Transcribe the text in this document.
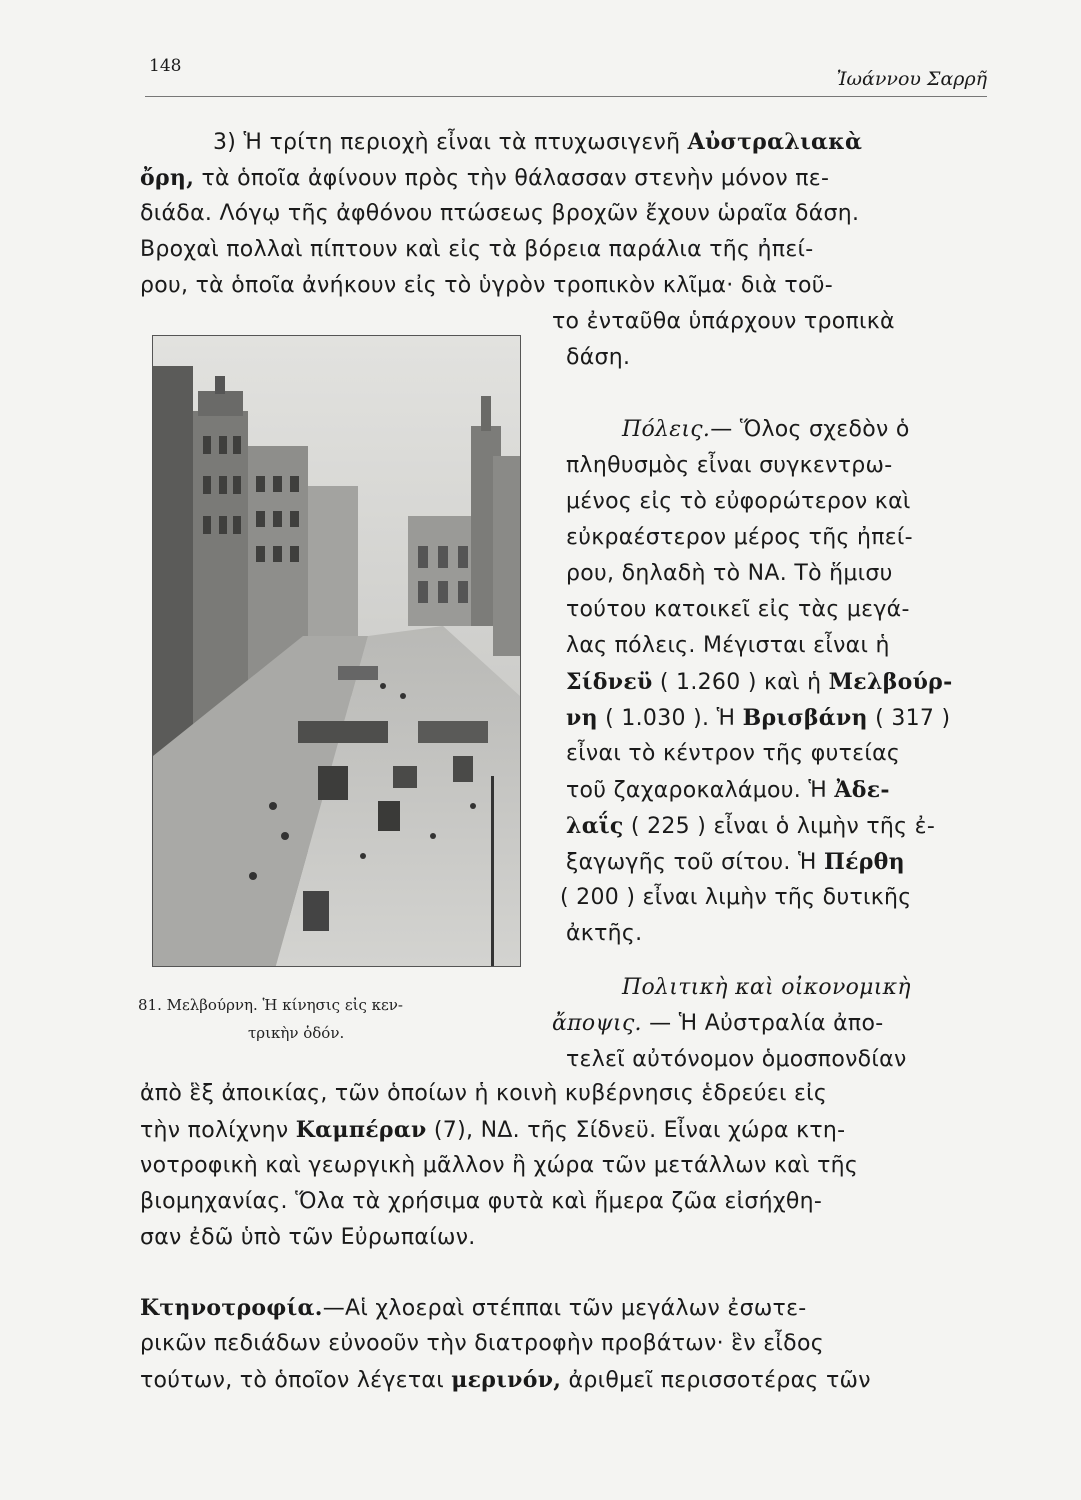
148
Ἰωάννου Σαρρῆ
3) Ἡ τρίτη περιοχὴ εἶναι τὰ πτυχωσιγενῆ Αὐστραλιακὰ
ὄρη, τὰ ὁποῖα ἀφίνουν πρὸς τὴν θάλασσαν στενὴν μόνον πε-
διάδα. Λόγῳ τῆς ἀφθόνου πτώσεως βροχῶν ἔχουν ὡραῖα δάση.
Βροχαὶ πολλαὶ πίπτουν καὶ εἰς τὰ βόρεια παράλια τῆς ἠπεί-
ρου, τὰ ὁποῖα ἀνήκουν εἰς τὸ ὑγρὸν τροπικὸν κλῖμα· διὰ τοῦ-
το ἐνταῦθα ὑπάρχουν τροπικὰ
δάση.
Πόλεις.— Ὅλος σχεδὸν ὁ
πληθυσμὸς εἶναι συγκεντρω-
μένος εἰς τὸ εὐφορώτερον καὶ
εὐκραέστερον μέρος τῆς ἠπεί-
ρου, δηλαδὴ τὸ ΝΑ. Τὸ ἥμισυ
τούτου κατοικεῖ εἰς τὰς μεγά-
λας πόλεις. Μέγισται εἶναι ἡ
Σίδνεϋ ( 1.260 ) καὶ ἡ Μελβούρ-
νη ( 1.030 ). Ἡ Βρισβάνη ( 317 )
εἶναι τὸ κέντρον τῆς φυτείας
τοῦ ζαχαροκαλάμου. Ἡ Ἀδε-
λαΐς ( 225 ) εἶναι ὁ λιμὴν τῆς ἐ-
ξαγωγῆς τοῦ σίτου. Ἡ Πέρθη
( 200 ) εἶναι λιμὴν τῆς δυτικῆς
ἀκτῆς.
81. Μελβούρνη. Ἡ κίνησις εἰς κεν-
τρικὴν ὁδόν.
Πολιτικὴ καὶ οἰκονομικὴ
ἄποψις. — Ἡ Αὐστραλία ἀπο-
τελεῖ αὐτόνομον ὁμοσπονδίαν
ἀπὸ ἓξ ἀποικίας, τῶν ὁποίων ἡ κοινὴ κυβέρνησις ἑδρεύει εἰς
τὴν πολίχνην Καμπέραν (7), ΝΔ. τῆς Σίδνεϋ. Εἶναι χώρα κτη-
νοτροφικὴ καὶ γεωργικὴ μᾶλλον ἢ χώρα τῶν μετάλλων καὶ τῆς
βιομηχανίας. Ὅλα τὰ χρήσιμα φυτὰ καὶ ἥμερα ζῶα εἰσήχθη-
σαν ἐδῶ ὑπὸ τῶν Εὐρωπαίων.
Κτηνοτροφία.—Αἱ χλοεραὶ στέππαι τῶν μεγάλων ἐσωτε-
ρικῶν πεδιάδων εὐνοοῦν τὴν διατροφὴν προβάτων· ἓν εἶδος
τούτων, τὸ ὁποῖον λέγεται μερινόν, ἀριθμεῖ περισσοτέρας τῶν
